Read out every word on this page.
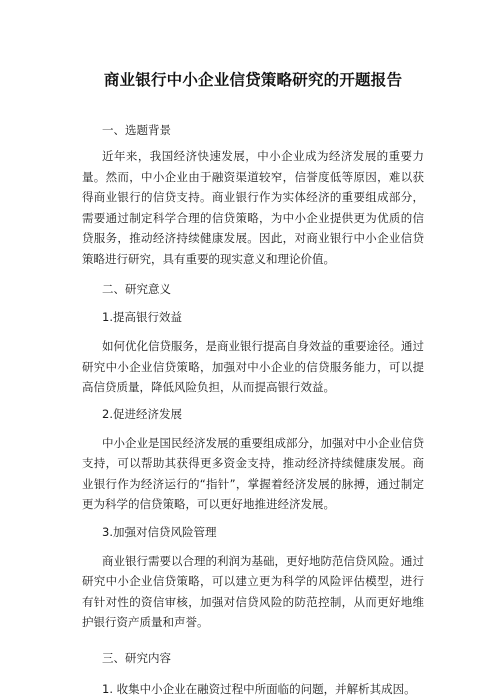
商业银行中小企业信贷策略研究的开题报告

一、选题背景

近年来，我国经济快速发展，中小企业成为经济发展的重要力量。然而，中小企业由于融资渠道较窄，信誉度低等原因，难以获得商业银行的信贷支持。商业银行作为实体经济的重要组成部分，需要通过制定科学合理的信贷策略，为中小企业提供更为优质的信贷服务，推动经济持续健康发展。因此，对商业银行中小企业信贷策略进行研究，具有重要的现实意义和理论价值。

二、研究意义

1.提高银行效益

如何优化信贷服务，是商业银行提高自身效益的重要途径。通过研究中小企业信贷策略，加强对中小企业的信贷服务能力，可以提高信贷质量，降低风险负担，从而提高银行效益。

2.促进经济发展

中小企业是国民经济发展的重要组成部分，加强对中小企业信贷支持，可以帮助其获得更多资金支持，推动经济持续健康发展。商业银行作为经济运行的“指针”，掌握着经济发展的脉搏，通过制定更为科学的信贷策略，可以更好地推进经济发展。

3.加强对信贷风险管理

商业银行需要以合理的利润为基础，更好地防范信贷风险。通过研究中小企业信贷策略，可以建立更为科学的风险评估模型，进行有针对性的资信审核，加强对信贷风险的防范控制，从而更好地维护银行资产质量和声誉。

三、研究内容

1. 收集中小企业在融资过程中所面临的问题，并解析其成因。
